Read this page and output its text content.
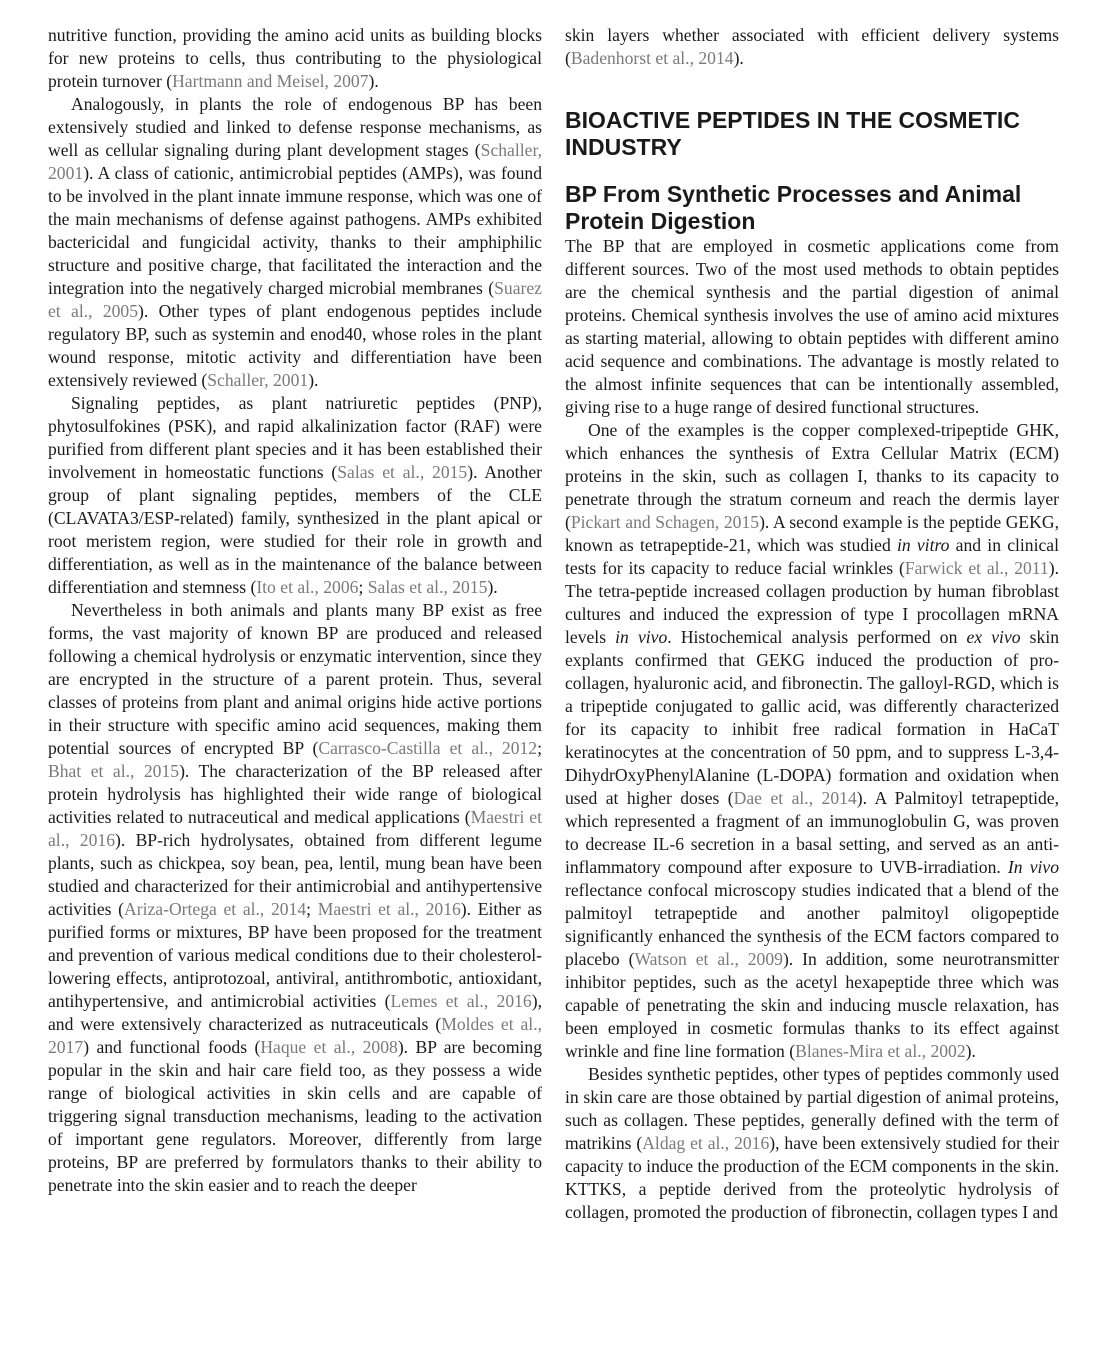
nutritive function, providing the amino acid units as building blocks for new proteins to cells, thus contributing to the physiological protein turnover (Hartmann and Meisel, 2007).

Analogously, in plants the role of endogenous BP has been extensively studied and linked to defense response mechanisms, as well as cellular signaling during plant development stages (Schaller, 2001). A class of cationic, antimicrobial peptides (AMPs), was found to be involved in the plant innate immune response, which was one of the main mechanisms of defense against pathogens. AMPs exhibited bactericidal and fungicidal activity, thanks to their amphiphilic structure and positive charge, that facilitated the interaction and the integration into the negatively charged microbial membranes (Suarez et al., 2005). Other types of plant endogenous peptides include regulatory BP, such as systemin and enod40, whose roles in the plant wound response, mitotic activity and differentiation have been extensively reviewed (Schaller, 2001).

Signaling peptides, as plant natriuretic peptides (PNP), phytosulfokines (PSK), and rapid alkalinization factor (RAF) were purified from different plant species and it has been established their involvement in homeostatic functions (Salas et al., 2015). Another group of plant signaling peptides, members of the CLE (CLAVATA3/ESP-related) family, synthesized in the plant apical or root meristem region, were studied for their role in growth and differentiation, as well as in the maintenance of the balance between differentiation and stemness (Ito et al., 2006; Salas et al., 2015).

Nevertheless in both animals and plants many BP exist as free forms, the vast majority of known BP are produced and released following a chemical hydrolysis or enzymatic intervention, since they are encrypted in the structure of a parent protein. Thus, several classes of proteins from plant and animal origins hide active portions in their structure with specific amino acid sequences, making them potential sources of encrypted BP (Carrasco-Castilla et al., 2012; Bhat et al., 2015). The characterization of the BP released after protein hydrolysis has highlighted their wide range of biological activities related to nutraceutical and medical applications (Maestri et al., 2016). BP-rich hydrolysates, obtained from different legume plants, such as chickpea, soy bean, pea, lentil, mung bean have been studied and characterized for their antimicrobial and antihypertensive activities (Ariza-Ortega et al., 2014; Maestri et al., 2016). Either as purified forms or mixtures, BP have been proposed for the treatment and prevention of various medical conditions due to their cholesterol-lowering effects, antiprotozoal, antiviral, antithrombotic, antioxidant, antihypertensive, and antimicrobial activities (Lemes et al., 2016), and were extensively characterized as nutraceuticals (Moldes et al., 2017) and functional foods (Haque et al., 2008). BP are becoming popular in the skin and hair care field too, as they possess a wide range of biological activities in skin cells and are capable of triggering signal transduction mechanisms, leading to the activation of important gene regulators. Moreover, differently from large proteins, BP are preferred by formulators thanks to their ability to penetrate into the skin easier and to reach the deeper

skin layers whether associated with efficient delivery systems (Badenhorst et al., 2014).

BIOACTIVE PEPTIDES IN THE COSMETIC INDUSTRY
BP From Synthetic Processes and Animal Protein Digestion

The BP that are employed in cosmetic applications come from different sources. Two of the most used methods to obtain peptides are the chemical synthesis and the partial digestion of animal proteins. Chemical synthesis involves the use of amino acid mixtures as starting material, allowing to obtain peptides with different amino acid sequence and combinations. The advantage is mostly related to the almost infinite sequences that can be intentionally assembled, giving rise to a huge range of desired functional structures.

One of the examples is the copper complexed-tripeptide GHK, which enhances the synthesis of Extra Cellular Matrix (ECM) proteins in the skin, such as collagen I, thanks to its capacity to penetrate through the stratum corneum and reach the dermis layer (Pickart and Schagen, 2015). A second example is the peptide GEKG, known as tetrapeptide-21, which was studied in vitro and in clinical tests for its capacity to reduce facial wrinkles (Farwick et al., 2011). The tetra-peptide increased collagen production by human fibroblast cultures and induced the expression of type I procollagen mRNA levels in vivo. Histochemical analysis performed on ex vivo skin explants confirmed that GEKG induced the production of pro-collagen, hyaluronic acid, and fibronectin. The galloyl-RGD, which is a tripeptide conjugated to gallic acid, was differently characterized for its capacity to inhibit free radical formation in HaCaT keratinocytes at the concentration of 50 ppm, and to suppress L-3,4-DihydrOxyPhenylAlanine (L-DOPA) formation and oxidation when used at higher doses (Dae et al., 2014). A Palmitoyl tetrapeptide, which represented a fragment of an immunoglobulin G, was proven to decrease IL-6 secretion in a basal setting, and served as an anti-inflammatory compound after exposure to UVB-irradiation. In vivo reflectance confocal microscopy studies indicated that a blend of the palmitoyl tetrapeptide and another palmitoyl oligopeptide significantly enhanced the synthesis of the ECM factors compared to placebo (Watson et al., 2009). In addition, some neurotransmitter inhibitor peptides, such as the acetyl hexapeptide three which was capable of penetrating the skin and inducing muscle relaxation, has been employed in cosmetic formulas thanks to its effect against wrinkle and fine line formation (Blanes-Mira et al., 2002).

Besides synthetic peptides, other types of peptides commonly used in skin care are those obtained by partial digestion of animal proteins, such as collagen. These peptides, generally defined with the term of matrikins (Aldag et al., 2016), have been extensively studied for their capacity to induce the production of the ECM components in the skin. KTTKS, a peptide derived from the proteolytic hydrolysis of collagen, promoted the production of fibronectin, collagen types I and
